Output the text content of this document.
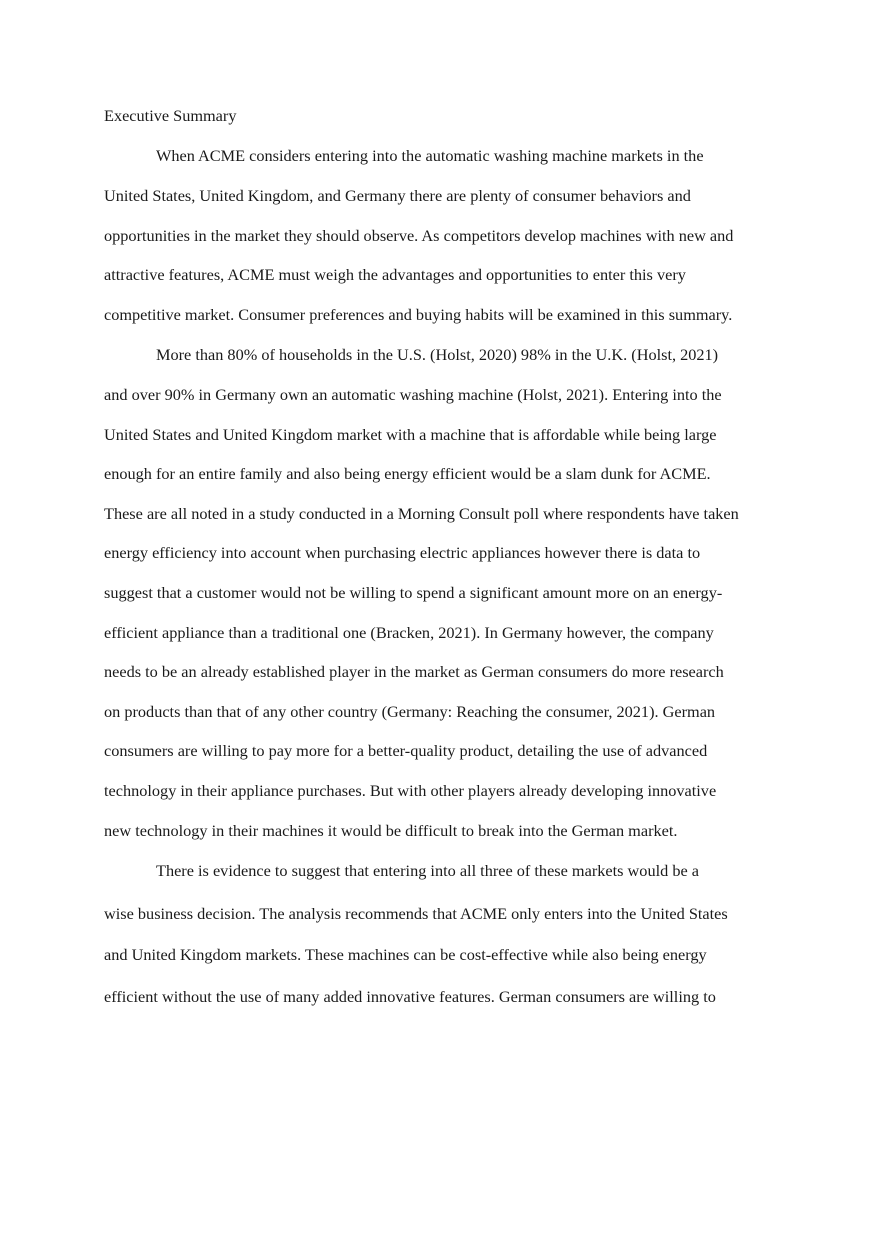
Executive Summary
When ACME considers entering into the automatic washing machine markets in the
United States, United Kingdom, and Germany there are plenty of consumer behaviors and
opportunities in the market they should observe. As competitors develop machines with new and
attractive features, ACME must weigh the advantages and opportunities to enter this very
competitive market. Consumer preferences and buying habits will be examined in this summary.
More than 80% of households in the U.S. (Holst, 2020) 98% in the U.K. (Holst, 2021)
and over 90% in Germany own an automatic washing machine (Holst, 2021). Entering into the
United States and United Kingdom market with a machine that is affordable while being large
enough for an entire family and also being energy efficient would be a slam dunk for ACME.
These are all noted in a study conducted in a Morning Consult poll where respondents have taken
energy efficiency into account when purchasing electric appliances however there is data to
suggest that a customer would not be willing to spend a significant amount more on an energy-
efficient appliance than a traditional one (Bracken, 2021). In Germany however, the company
needs to be an already established player in the market as German consumers do more research
on products than that of any other country (Germany: Reaching the consumer, 2021). German
consumers are willing to pay more for a better-quality product, detailing the use of advanced
technology in their appliance purchases. But with other players already developing innovative
new technology in their machines it would be difficult to break into the German market.
There is evidence to suggest that entering into all three of these markets would be a
wise business decision. The analysis recommends that ACME only enters into the United States
and United Kingdom markets. These machines can be cost-effective while also being energy
efficient without the use of many added innovative features. German consumers are willing to
